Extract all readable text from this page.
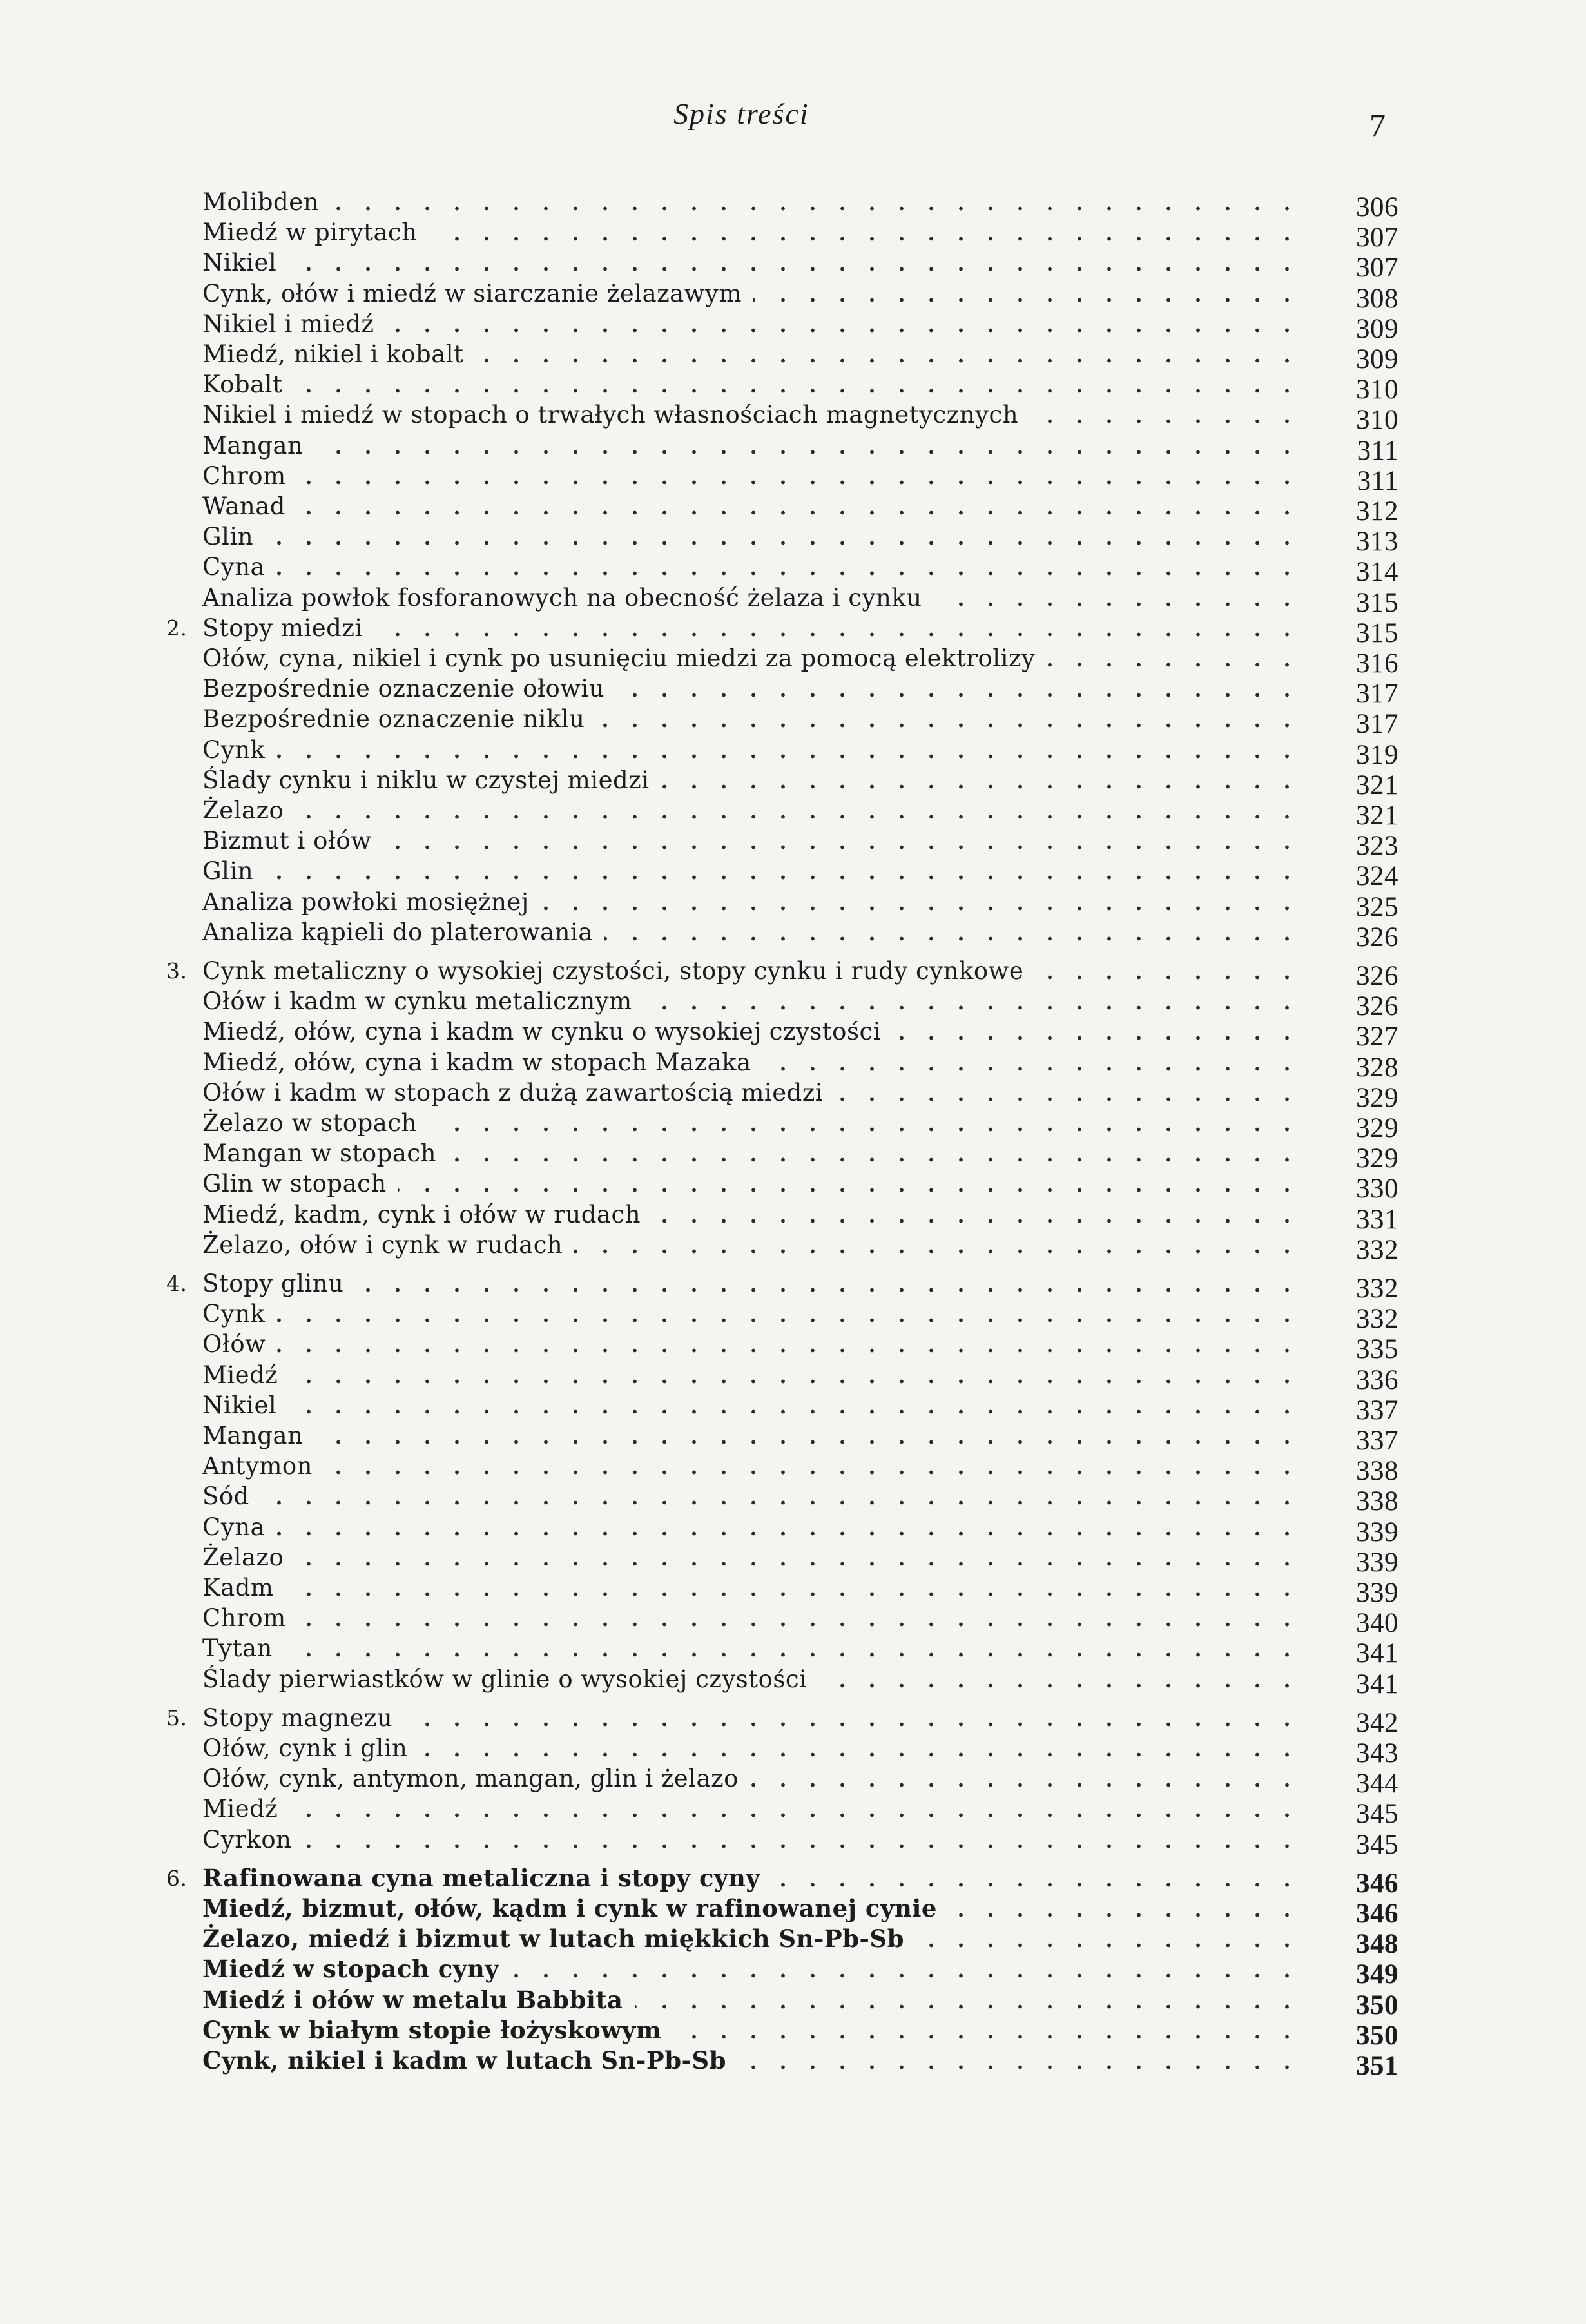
Spis treści	7
Molibden	306
Miedź w pirytach	307
Nikiel	307
Cynk, ołów i miedź w siarczanie żelazawym	308
Nikiel i miedź	309
Miedź, nikiel i kobalt	309
Kobalt	310
Nikiel i miedź w stopach o trwałych własnościach magnetycznych	310
Mangan	311
Chrom	311
Wanad	312
Glin	313
Cyna	314
Analiza powłok fosforanowych na obecność żelaza i cynku	315
2. Stopy miedzi	315
Ołów, cyna, nikiel i cynk po usunięciu miedzi za pomocą elektrolizy	316
Bezpośrednie oznaczenie ołowiu	317
Bezpośrednie oznaczenie niklu	317
Cynk	319
Ślady cynku i niklu w czystej miedzi	321
Żelazo	321
Bizmut i ołów	323
Glin	324
Analiza powłoki mosiężnej	325
Analiza kąpieli do platerowania	326
3. Cynk metaliczny o wysokiej czystości, stopy cynku i rudy cynkowe	326
Ołów i kadm w cynku metalicznym	326
Miedź, ołów, cyna i kadm w cynku o wysokiej czystości	327
Miedź, ołów, cyna i kadm w stopach Mazaka	328
Ołów i kadm w stopach z dużą zawartością miedzi	329
Żelazo w stopach	329
Mangan w stopach	329
Glin w stopach	330
Miedź, kadm, cynk i ołów w rudach	331
Żelazo, ołów i cynk w rudach	332
4. Stopy glinu	332
Cynk	332
Ołów	335
Miedź	336
Nikiel	337
Mangan	337
Antymon	338
Sód	338
Cyna	339
Żelazo	339
Kadm	339
Chrom	340
Tytan	341
Ślady pierwiastków w glinie o wysokiej czystości	341
5. Stopy magnezu	342
Ołów, cynk i glin	343
Ołów, cynk, antymon, mangan, glin i żelazo	344
Miedź	345
Cyrkon	345
6. Rafinowana cyna metaliczna i stopy cyny	346
Miedź, bizmut, ołów, kądm i cynk w rafinowanej cynie	346
Żelazo, miedź i bizmut w lutach miękkich Sn-Pb-Sb	348
Miedź w stopach cyny	349
Miedź i ołów w metalu Babbita	350
Cynk w białym stopie łożyskowym	350
Cynk, nikiel i kadm w lutach Sn-Pb-Sb	351
